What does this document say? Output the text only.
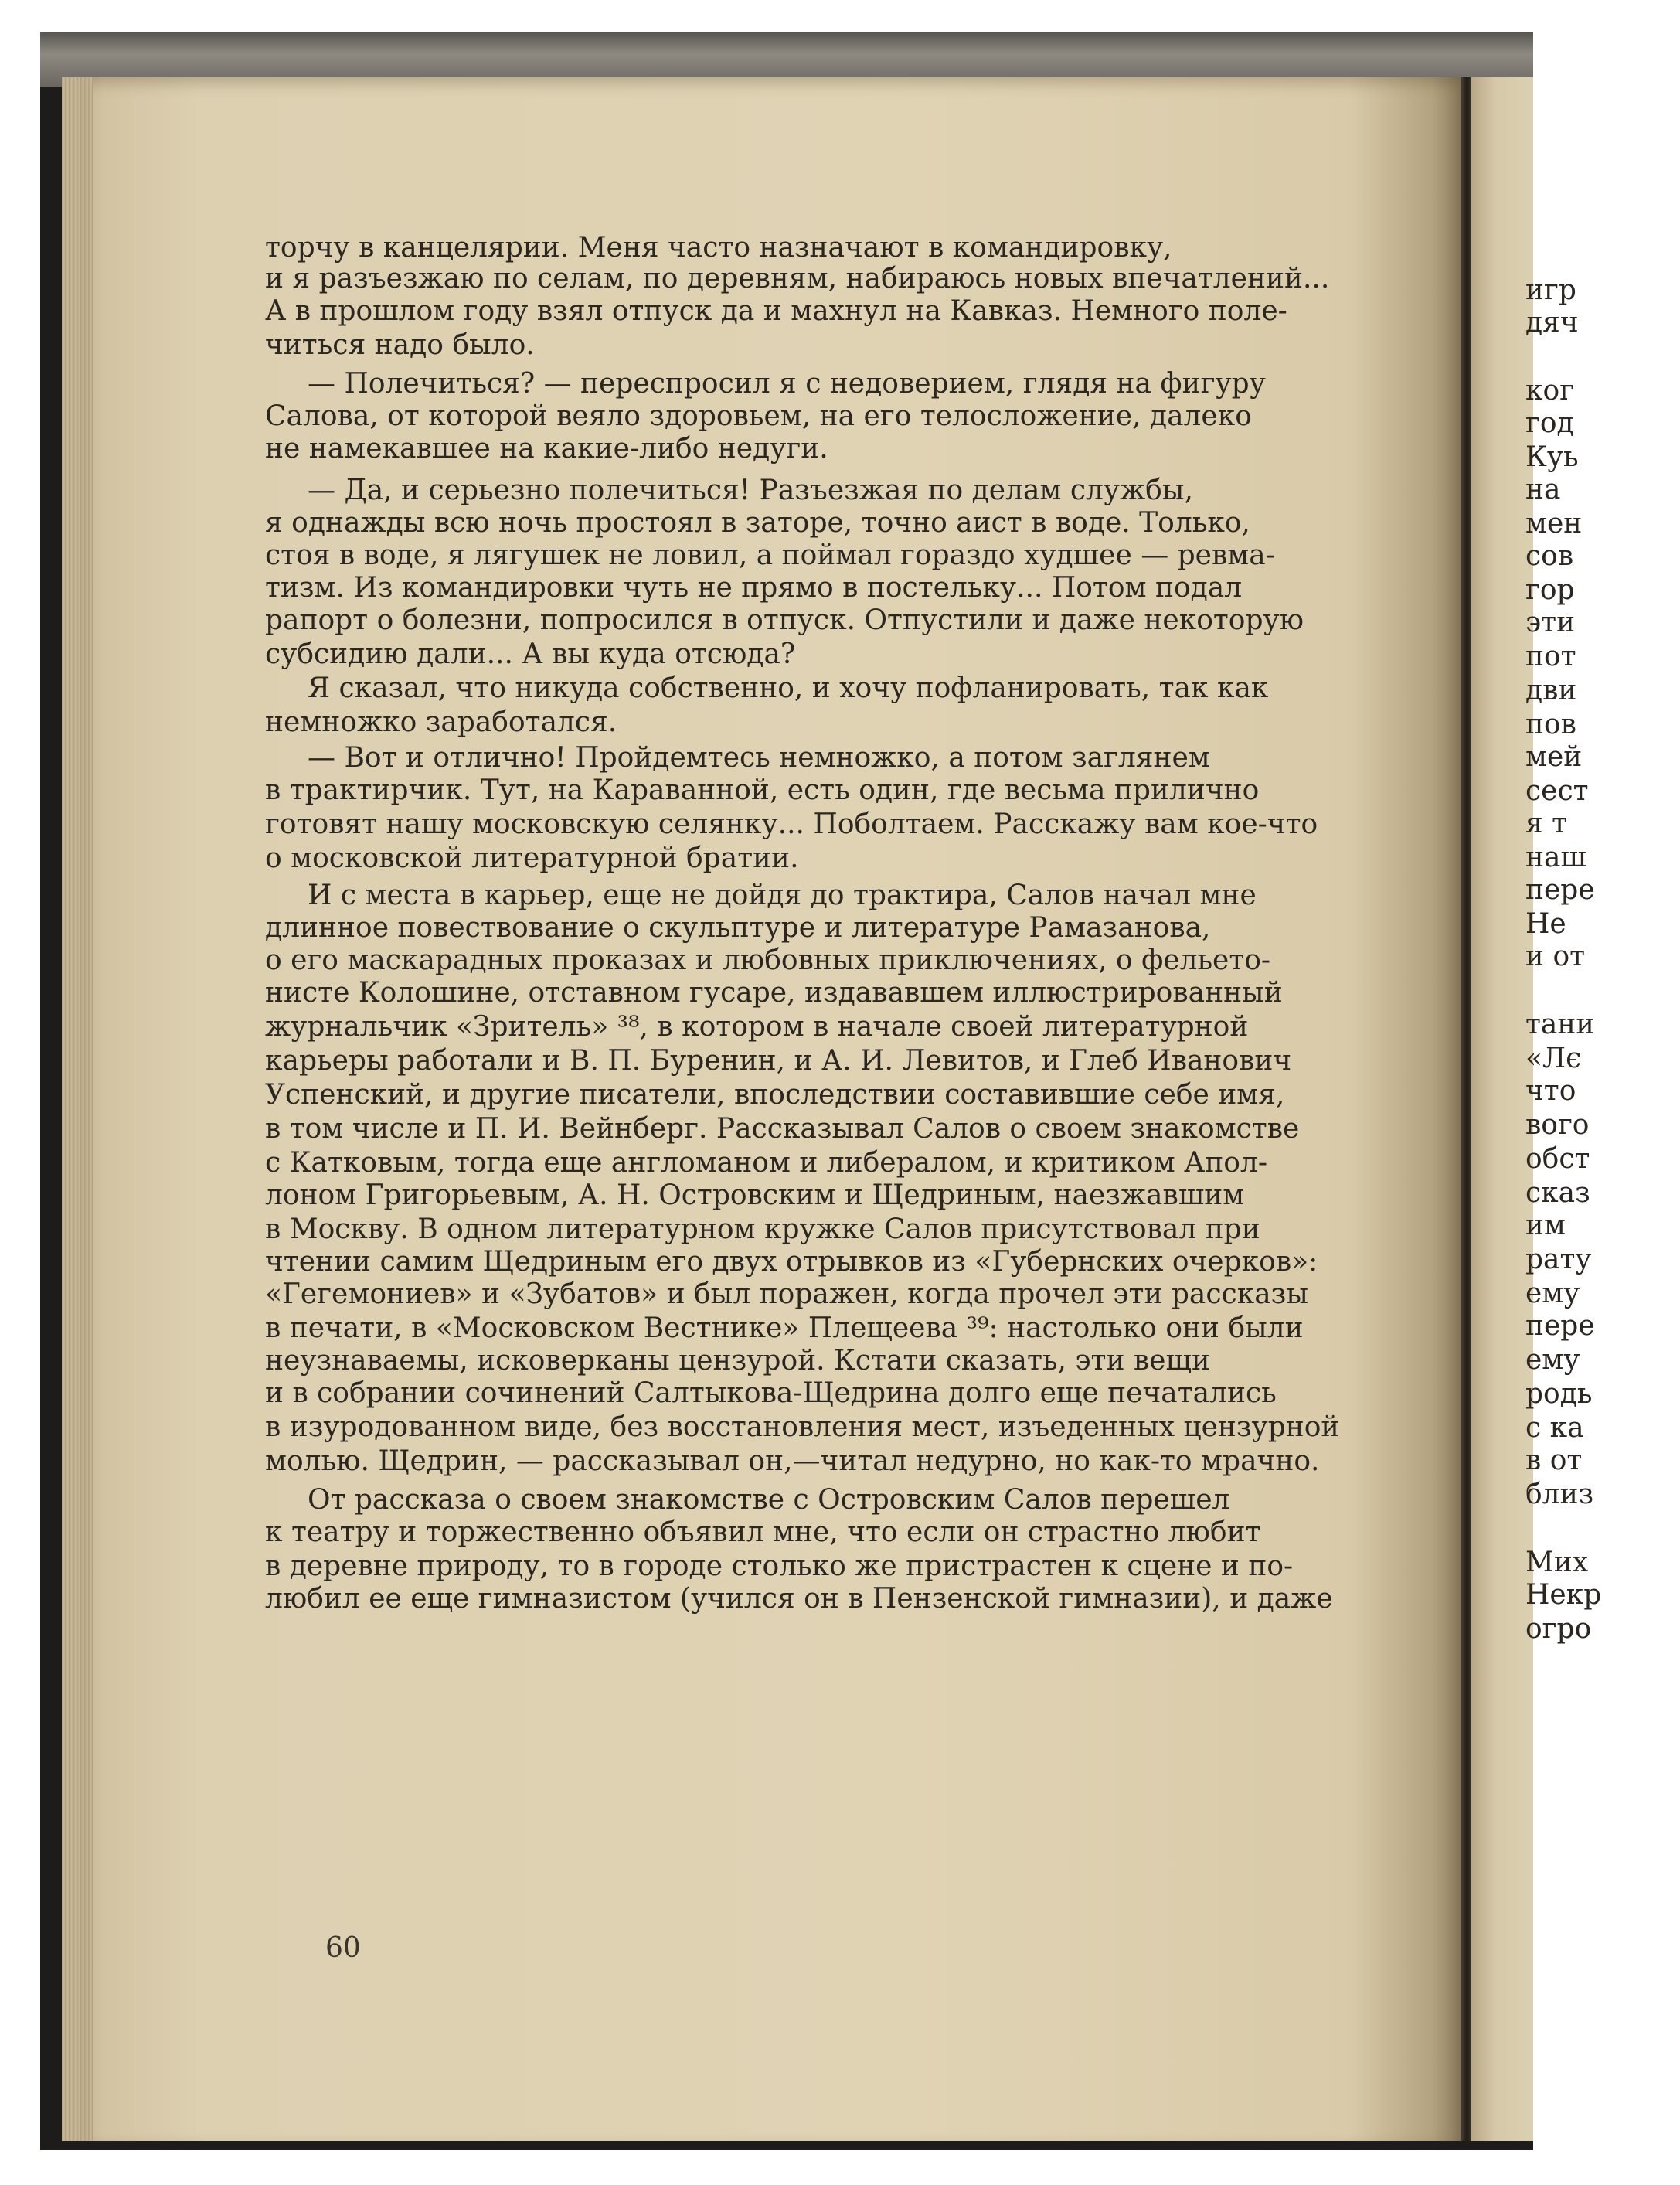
игр
дяч
ког
год
Куь
на
мен
сов
гор
эти
пот
дви
пов
мей
сест
я т
наш
пере
Не
и от
тани
«Лє
что
вого
обст
сказ
им
рату
ему
пере
ему
родь
с ка
в от
близ
Мих
Некр
огро
торчу в канцелярии. Меня часто назначают в командировку,
и я разъезжаю по селам, по деревням, набираюсь новых впечатлений...
А в прошлом году взял отпуск да и махнул на Кавказ. Немного поле-
читься надо было.
— Полечиться? — переспросил я с недоверием, глядя на фигуру
Салова, от которой веяло здоровьем, на его телосложение, далеко
не намекавшее на какие-либо недуги.
— Да, и серьезно полечиться! Разъезжая по делам службы,
я однажды всю ночь простоял в заторе, точно аист в воде. Только,
стоя в воде, я лягушек не ловил, а поймал гораздо худшее — ревма-
тизм. Из командировки чуть не прямо в постельку... Потом подал
рапорт о болезни, попросился в отпуск. Отпустили и даже некоторую
субсидию дали... А вы куда отсюда?
Я сказал, что никуда собственно, и хочу пофланировать, так как
немножко заработался.
— Вот и отлично! Пройдемтесь немножко, а потом заглянем
в трактирчик. Тут, на Караванной, есть один, где весьма прилично
готовят нашу московскую селянку... Поболтаем. Расскажу вам кое-что
о московской литературной братии.
И с места в карьер, еще не дойдя до трактира, Салов начал мне
длинное повествование о скульптуре и литературе Рамазанова,
о его маскарадных проказах и любовных приключениях, о фельето-
нисте Колошине, отставном гусаре, издававшем иллюстрированный
журнальчик «Зритель» ³⁸, в котором в начале своей литературной
карьеры работали и В. П. Буренин, и А. И. Левитов, и Глеб Иванович
Успенский, и другие писатели, впоследствии составившие себе имя,
в том числе и П. И. Вейнберг. Рассказывал Салов о своем знакомстве
с Катковым, тогда еще англоманом и либералом, и критиком Апол-
лоном Григорьевым, А. Н. Островским и Щедриным, наезжавшим
в Москву. В одном литературном кружке Салов присутствовал при
чтении самим Щедриным его двух отрывков из «Губернских очерков»:
«Гегемониев» и «Зубатов» и был поражен, когда прочел эти рассказы
в печати, в «Московском Вестнике» Плещеева ³⁹: настолько они были
неузнаваемы, исковерканы цензурой. Кстати сказать, эти вещи
и в собрании сочинений Салтыкова-Щедрина долго еще печатались
в изуродованном виде, без восстановления мест, изъеденных цензурной
молью. Щедрин, — рассказывал он,—читал недурно, но как-то мрачно.
От рассказа о своем знакомстве с Островским Салов перешел
к театру и торжественно объявил мне, что если он страстно любит
в деревне природу, то в городе столько же пристрастен к сцене и по-
любил ее еще гимназистом (учился он в Пензенской гимназии), и даже
60
